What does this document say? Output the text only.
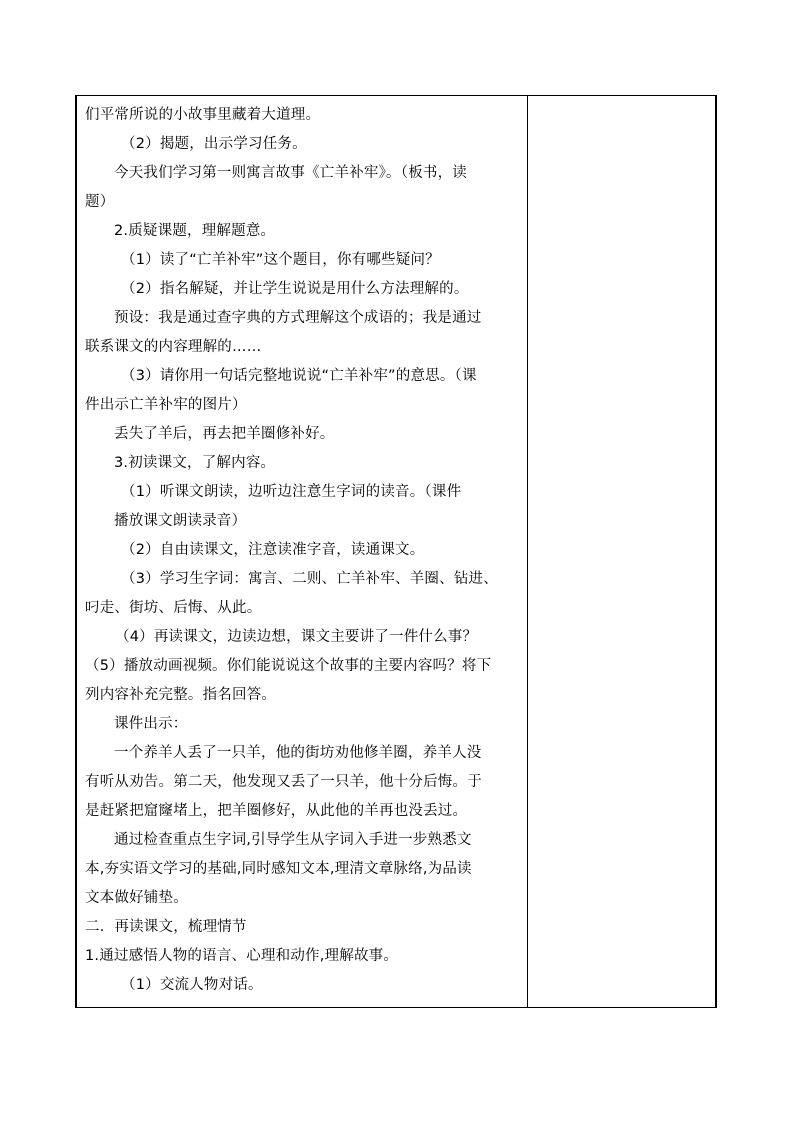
们平常所说的小故事里藏着大道理。
（2）揭题，出示学习任务。
今天我们学习第一则寓言故事《亡羊补牢》。（板书，读
题）
2.质疑课题，理解题意。
（1）读了“亡羊补牢”这个题目，你有哪些疑问？
（2）指名解疑，并让学生说说是用什么方法理解的。
预设：我是通过查字典的方式理解这个成语的；我是通过
联系课文的内容理解的……
（3）请你用一句话完整地说说“亡羊补牢”的意思。（课
件出示亡羊补牢的图片）
丢失了羊后，再去把羊圈修补好。
3.初读课文，了解内容。
（1）听课文朗读，边听边注意生字词的读音。（课件
播放课文朗读录音）
（2）自由读课文，注意读准字音，读通课文。
（3）学习生字词：寓言、二则、亡羊补牢、羊圈、钻进、
叼走、街坊、后悔、从此。
（4）再读课文，边读边想，课文主要讲了一件什么事？
（5）播放动画视频。你们能说说这个故事的主要内容吗？将下
列内容补充完整。指名回答。
课件出示：
一个养羊人丢了一只羊，他的街坊劝他修羊圈，养羊人没
有听从劝告。第二天，他发现又丢了一只羊，他十分后悔。于
是赶紧把窟窿堵上，把羊圈修好，从此他的羊再也没丢过。
通过检查重点生字词,引导学生从字词入手进一步熟悉文
本,夯实语文学习的基础,同时感知文本,理清文章脉络,为品读
文本做好铺垫。
二．再读课文，梳理情节
1.通过感悟人物的语言、心理和动作,理解故事。
（1）交流人物对话。
